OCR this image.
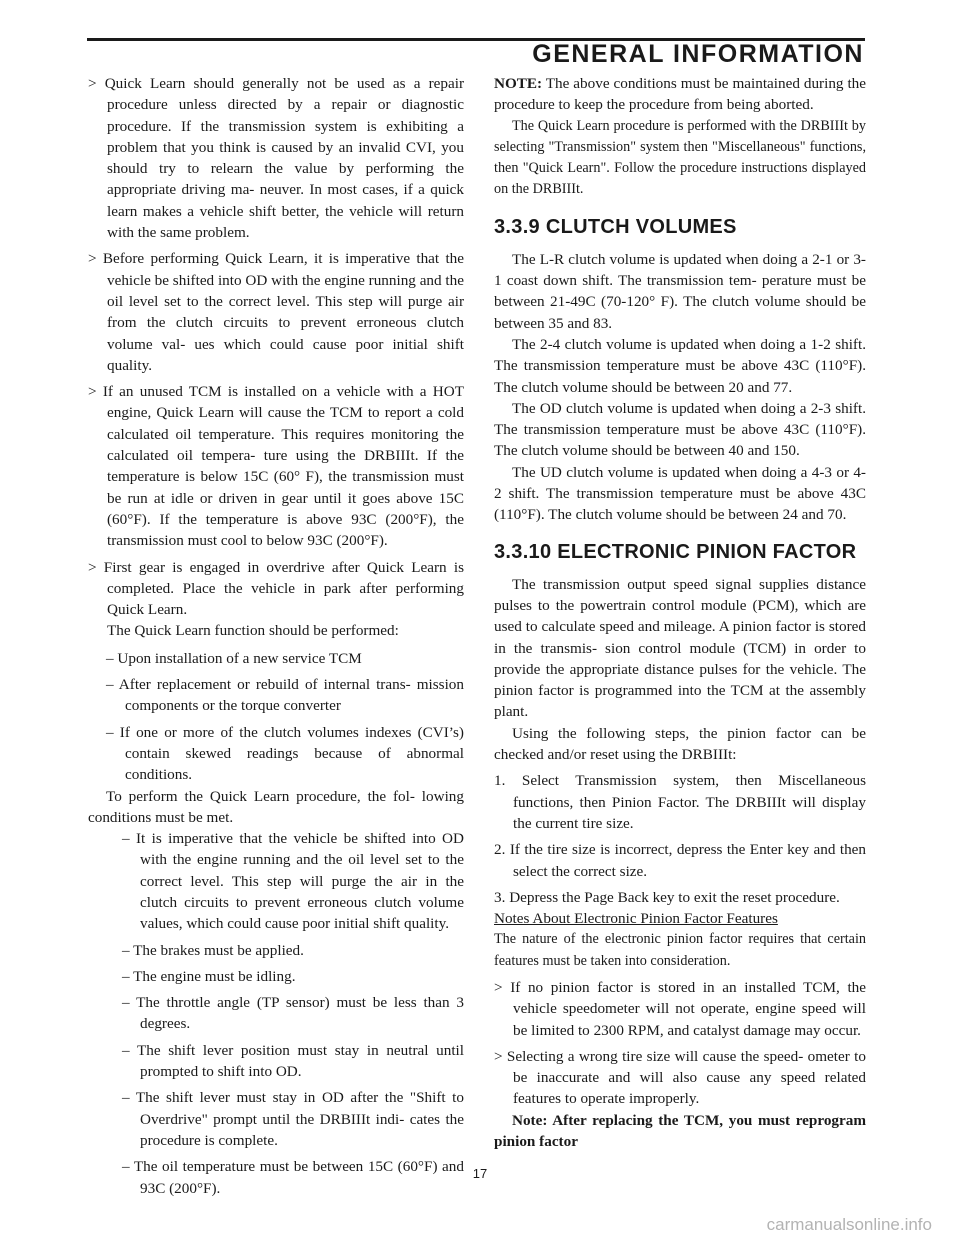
GENERAL INFORMATION

> Quick Learn should generally not be used as a repair procedure unless directed by a repair or diagnostic procedure. If the transmission system is exhibiting a problem that you think is caused by an invalid CVI, you should try to relearn the value by performing the appropriate driving ma- neuver. In most cases, if a quick learn makes a vehicle shift better, the vehicle will return with the same problem.

> Before performing Quick Learn, it is imperative that the vehicle be shifted into OD with the engine running and the oil level set to the correct level. This step will purge air from the clutch circuits to prevent erroneous clutch volume val- ues which could cause poor initial shift quality.

> If an unused TCM is installed on a vehicle with a HOT engine, Quick Learn will cause the TCM to report a cold calculated oil temperature. This requires monitoring the calculated oil tempera- ture using the DRBIIIt. If the temperature is below 15C (60° F), the transmission must be run at idle or driven in gear until it goes above 15C (60°F). If the temperature is above 93C (200°F), the transmission must cool to below 93C (200°F).

> First gear is engaged in overdrive after Quick Learn is completed. Place the vehicle in park after performing Quick Learn.

The Quick Learn function should be performed:

– Upon installation of a new service TCM

– After replacement or rebuild of internal trans- mission components or the torque converter

– If one or more of the clutch volumes indexes (CVI’s) contain skewed readings because of abnormal conditions.

To perform the Quick Learn procedure, the fol- lowing conditions must be met.

– It is imperative that the vehicle be shifted into OD with the engine running and the oil level set to the correct level. This step will purge the air in the clutch circuits to prevent erroneous clutch volume values, which could cause poor initial shift quality.

– The brakes must be applied.

– The engine must be idling.

– The throttle angle (TP sensor) must be less than 3 degrees.

– The shift lever position must stay in neutral until prompted to shift into OD.

– The shift lever must stay in OD after the "Shift to Overdrive" prompt until the DRBIIIt indi- cates the procedure is complete.

– The oil temperature must be between 15C (60°F) and 93C (200°F).

NOTE: The above conditions must be maintained during the procedure to keep the procedure from being aborted.

The Quick Learn procedure is performed with the DRBIIIt by selecting "Transmission" system then "Miscellaneous" functions, then "Quick Learn". Follow the procedure instructions displayed on the DRBIIIt.

3.3.9 CLUTCH VOLUMES

The L-R clutch volume is updated when doing a 2-1 or 3-1 coast down shift. The transmission tem- perature must be between 21-49C (70-120° F). The clutch volume should be between 35 and 83.

The 2-4 clutch volume is updated when doing a 1-2 shift. The transmission temperature must be above 43C (110°F). The clutch volume should be between 20 and 77.

The OD clutch volume is updated when doing a 2-3 shift. The transmission temperature must be above 43C (110°F). The clutch volume should be between 40 and 150.

The UD clutch volume is updated when doing a 4-3 or 4-2 shift. The transmission temperature must be above 43C (110°F). The clutch volume should be between 24 and 70.

3.3.10 ELECTRONIC PINION FACTOR

The transmission output speed signal supplies distance pulses to the powertrain control module (PCM), which are used to calculate speed and mileage. A pinion factor is stored in the transmis- sion control module (TCM) in order to provide the appropriate distance pulses for the vehicle. The pinion factor is programmed into the TCM at the assembly plant.

Using the following steps, the pinion factor can be checked and/or reset using the DRBIIIt:

1. Select Transmission system, then Miscellaneous functions, then Pinion Factor. The DRBIIIt will display the current tire size.

2. If the tire size is incorrect, depress the Enter key and then select the correct size.

3. Depress the Page Back key to exit the reset procedure.

Notes About Electronic Pinion Factor Features

The nature of the electronic pinion factor requires that certain features must be taken into consideration.

> If no pinion factor is stored in an installed TCM, the vehicle speedometer will not operate, engine speed will be limited to 2300 RPM, and catalyst damage may occur.

> Selecting a wrong tire size will cause the speed- ometer to be inaccurate and will also cause any speed related features to operate improperly.

Note: After replacing the TCM, you must reprogram pinion factor

17
carmanualsonline.info
